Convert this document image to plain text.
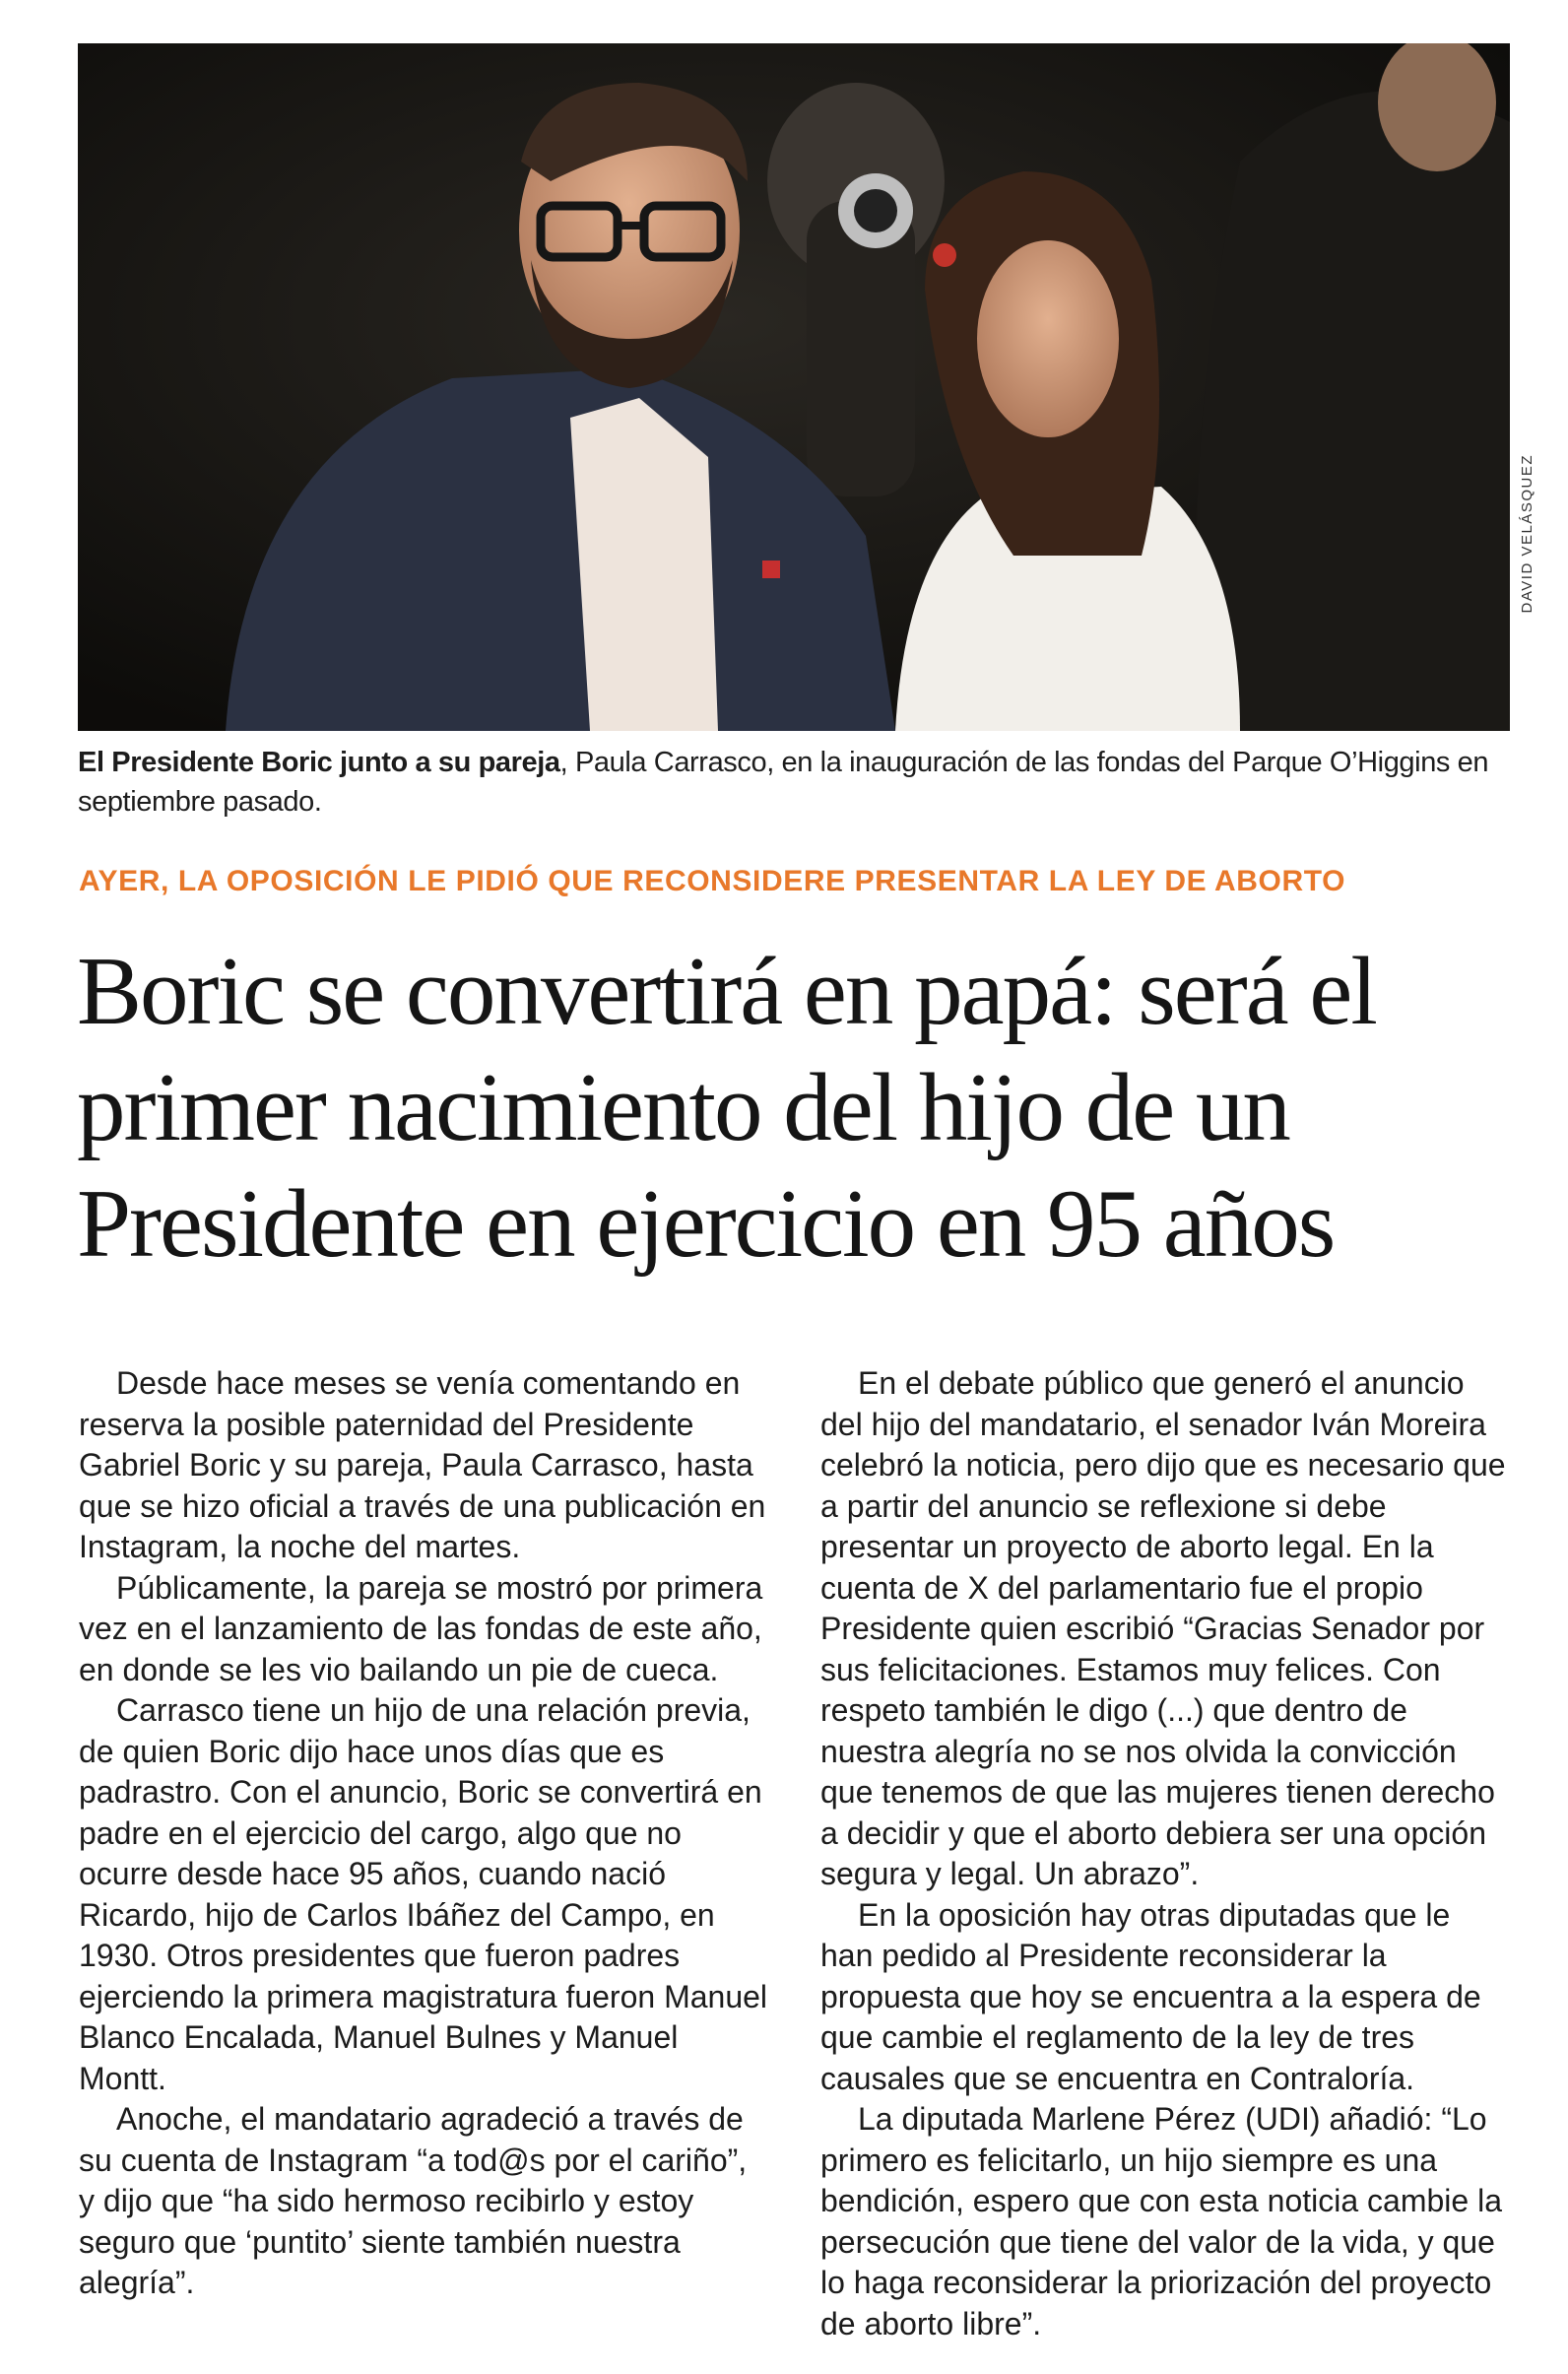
DAVID VELÁSQUEZ
El Presidente Boric junto a su pareja, Paula Carrasco, en la inauguración de las fondas del Parque O’Higgins en septiembre pasado.
AYER, LA OPOSICIÓN LE PIDIÓ QUE RECONSIDERE PRESENTAR LA LEY DE ABORTO
Boric se convertirá en papá: será el
primer nacimiento del hijo de un
Presidente en ejercicio en 95 años

Desde hace meses se venía comentando en reserva la posible paternidad del Presidente Gabriel Boric y su pareja, Paula Carrasco, hasta que se hizo oficial a través de una publicación en Instagram, la noche del martes.

Públicamente, la pareja se mostró por primera vez en el lanzamiento de las fondas de este año, en donde se les vio bailando un pie de cueca.

Carrasco tiene un hijo de una relación previa, de quien Boric dijo hace unos días que es padrastro. Con el anuncio, Boric se convertirá en padre en el ejercicio del cargo, algo que no ocurre desde hace 95 años, cuando nació Ricardo, hijo de Carlos Ibáñez del Campo, en 1930. Otros presidentes que fueron padres ejerciendo la primera magistratura fueron Manuel Blanco Encalada, Manuel Bulnes y Manuel Montt.

Anoche, el mandatario agradeció a través de su cuenta de Instagram “a tod@s por el cariño”, y dijo que “ha sido hermoso recibirlo y estoy seguro que ‘puntito’ siente también nuestra alegría”.

En el debate público que generó el anuncio del hijo del mandatario, el senador Iván Moreira celebró la noticia, pero dijo que es necesario que a partir del anuncio se reflexione si debe presentar un proyecto de aborto legal. En la cuenta de X del parlamentario fue el propio Presidente quien escribió “Gracias Senador por sus felicitaciones. Estamos muy felices. Con respeto también le digo (...) que dentro de nuestra alegría no se nos olvida la convicción que tenemos de que las mujeres tienen derecho a decidir y que el aborto debiera ser una opción segura y legal. Un abrazo”.

En la oposición hay otras diputadas que le han pedido al Presidente reconsiderar la propuesta que hoy se encuentra a la espera de que cambie el reglamento de la ley de tres causales que se encuentra en Contraloría.

La diputada Marlene Pérez (UDI) añadió: “Lo primero es felicitarlo, un hijo siempre es una bendición, espero que con esta noticia cambie la persecución que tiene del valor de la vida, y que lo haga reconsiderar la priorización del proyecto de aborto libre”.
